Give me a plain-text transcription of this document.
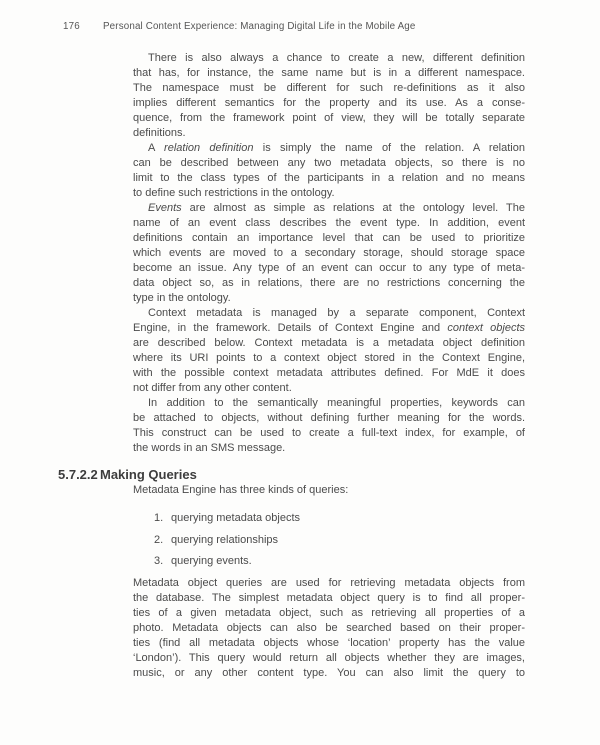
176 Personal Content Experience: Managing Digital Life in the Mobile Age
There is also always a chance to create a new, different definition
that has, for instance, the same name but is in a different namespace.
The namespace must be different for such re-definitions as it also
implies different semantics for the property and its use. As a conse-
quence, from the framework point of view, they will be totally separate
definitions.
A relation definition is simply the name of the relation. A relation
can be described between any two metadata objects, so there is no
limit to the class types of the participants in a relation and no means
to define such restrictions in the ontology.
Events are almost as simple as relations at the ontology level. The
name of an event class describes the event type. In addition, event
definitions contain an importance level that can be used to prioritize
which events are moved to a secondary storage, should storage space
become an issue. Any type of an event can occur to any type of meta-
data object so, as in relations, there are no restrictions concerning the
type in the ontology.
Context metadata is managed by a separate component, Context
Engine, in the framework. Details of Context Engine and context objects
are described below. Context metadata is a metadata object definition
where its URI points to a context object stored in the Context Engine,
with the possible context metadata attributes defined. For MdE it does
not differ from any other content.
In addition to the semantically meaningful properties, keywords can
be attached to objects, without defining further meaning for the words.
This construct can be used to create a full-text index, for example, of
the words in an SMS message.
5.7.2.2 Making Queries
Metadata Engine has three kinds of queries:
1. querying metadata objects
2. querying relationships
3. querying events.
Metadata object queries are used for retrieving metadata objects from
the database. The simplest metadata object query is to find all proper-
ties of a given metadata object, such as retrieving all properties of a
photo. Metadata objects can also be searched based on their proper-
ties (find all metadata objects whose ‘location’ property has the value
‘London’). This query would return all objects whether they are images,
music, or any other content type. You can also limit the query to
